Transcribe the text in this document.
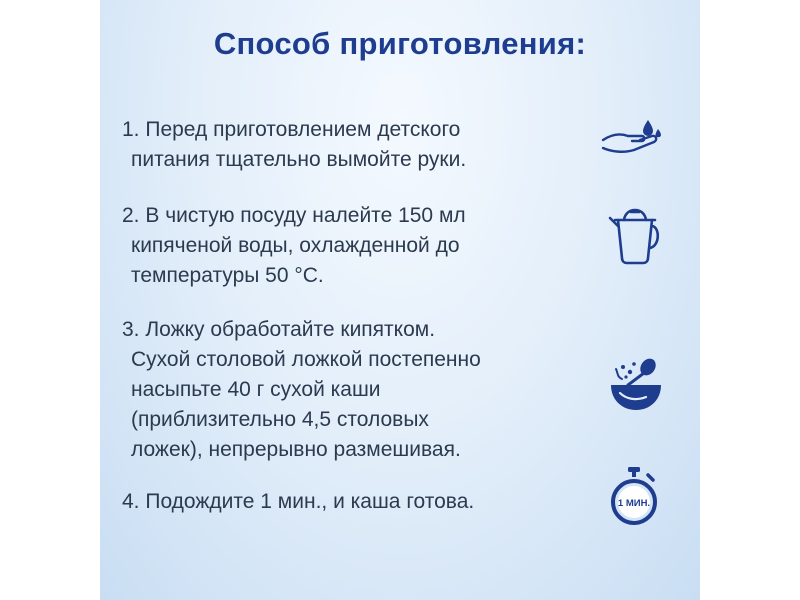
Способ приготовления:
1. Перед приготовлением детского
питания тщательно вымойте руки.
2. В чистую посуду налейте 150 мл
кипяченой воды, охлажденной до
температуры 50 °С.
3. Ложку обработайте кипятком.
Сухой столовой ложкой постепенно
насыпьте 40 г сухой каши
(приблизительно 4,5 столовых
ложек), непрерывно размешивая.
4. Подождите 1 мин., и каша готова.	1 МИН.
